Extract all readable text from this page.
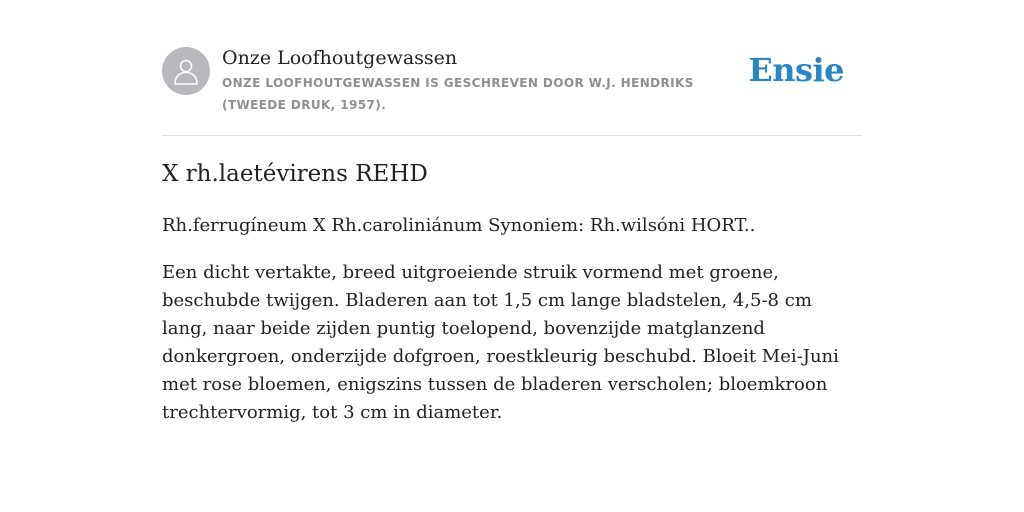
Onze Loofhoutgewassen
ONZE LOOFHOUTGEWASSEN IS GESCHREVEN DOOR W.J. HENDRIKS (TWEEDE DRUK, 1957).
Ensie
X rh.laetévirens REHD

Rh.ferrugíneum X Rh.caroliniánum Synoniem: Rh.wilsóni HORT..

Een dicht vertakte, breed uitgroeiende struik vormend met groene, beschubde twijgen. Bladeren aan tot 1,5 cm lange bladstelen, 4,5-8 cm lang, naar beide zijden puntig toelopend, bovenzijde matglanzend donkergroen, onderzijde dofgroen, roestkleurig beschubd. Bloeit Mei-Juni met rose bloemen, enigszins tussen de bladeren verscholen; bloemkroon trechtervormig, tot 3 cm in diameter.
